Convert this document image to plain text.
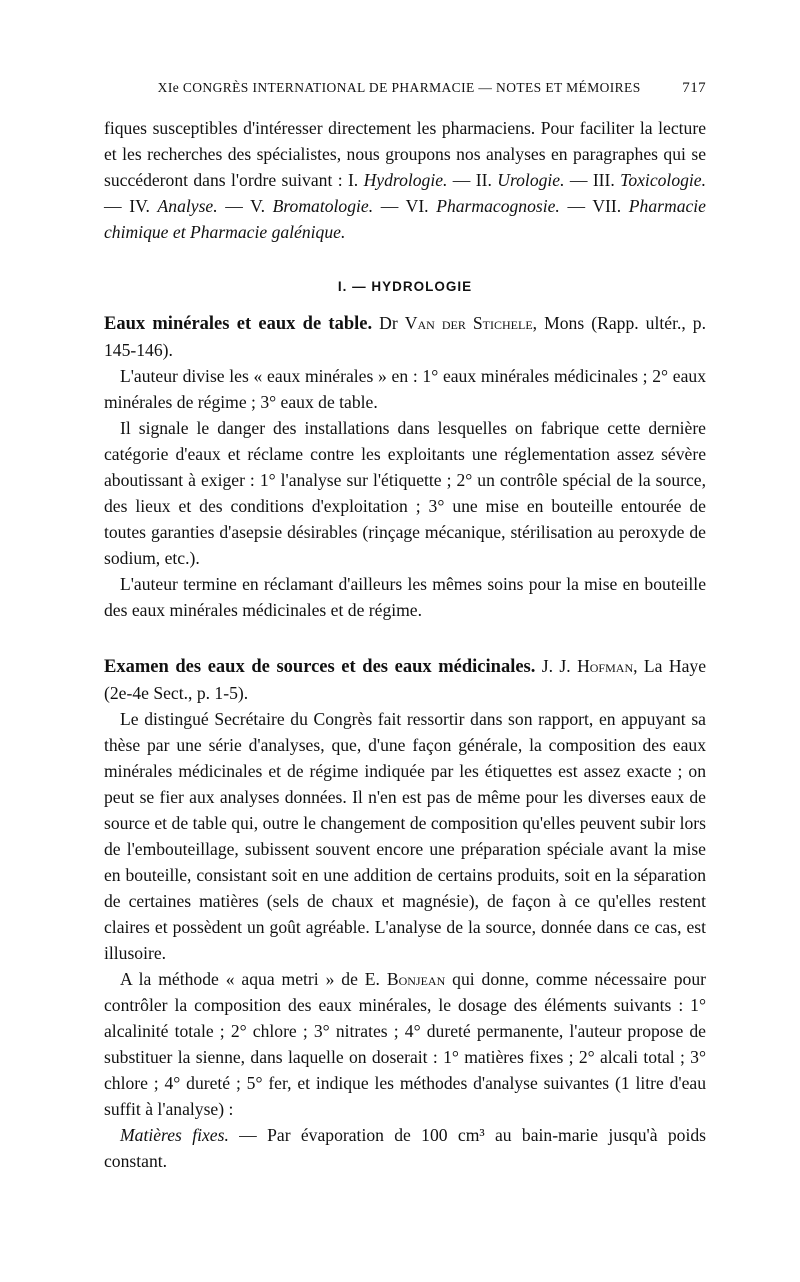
XIe CONGRÈS INTERNATIONAL DE PHARMACIE — NOTES ET MÉMOIRES	717

fiques susceptibles d'intéresser directement les pharmaciens. Pour faciliter la lecture et les recherches des spécialistes, nous groupons nos analyses en paragraphes qui se succéderont dans l'ordre suivant : I. Hydrologie. — II. Urologie. — III. Toxicologie. — IV. Analyse. — V. Bromatologie. — VI. Pharmacognosie. — VII. Pharmacie chimique et Pharmacie galénique.

I. — HYDROLOGIE

Eaux minérales et eaux de table. Dr Van der Stichele, Mons (Rapp. ultér., p. 145-146).

L'auteur divise les « eaux minérales » en : 1° eaux minérales médicinales ; 2° eaux minérales de régime ; 3° eaux de table.

Il signale le danger des installations dans lesquelles on fabrique cette dernière catégorie d'eaux et réclame contre les exploitants une réglementation assez sévère aboutissant à exiger : 1° l'analyse sur l'étiquette ; 2° un contrôle spécial de la source, des lieux et des conditions d'exploitation ; 3° une mise en bouteille entourée de toutes garanties d'asepsie désirables (rinçage mécanique, stérilisation au peroxyde de sodium, etc.).

L'auteur termine en réclamant d'ailleurs les mêmes soins pour la mise en bouteille des eaux minérales médicinales et de régime.

Examen des eaux de sources et des eaux médicinales. J. J. Hofman, La Haye (2e-4e Sect., p. 1-5).

Le distingué Secrétaire du Congrès fait ressortir dans son rapport, en appuyant sa thèse par une série d'analyses, que, d'une façon générale, la composition des eaux minérales médicinales et de régime indiquée par les étiquettes est assez exacte ; on peut se fier aux analyses données. Il n'en est pas de même pour les diverses eaux de source et de table qui, outre le changement de composition qu'elles peuvent subir lors de l'embouteillage, subissent souvent encore une préparation spéciale avant la mise en bouteille, consistant soit en une addition de certains produits, soit en la séparation de certaines matières (sels de chaux et magnésie), de façon à ce qu'elles restent claires et possèdent un goût agréable. L'analyse de la source, donnée dans ce cas, est illusoire.

A la méthode « aqua metri » de E. Bonjean qui donne, comme nécessaire pour contrôler la composition des eaux minérales, le dosage des éléments suivants : 1° alcalinité totale ; 2° chlore ; 3° nitrates ; 4° dureté permanente, l'auteur propose de substituer la sienne, dans laquelle on doserait : 1° matières fixes ; 2° alcali total ; 3° chlore ; 4° dureté ; 5° fer, et indique les méthodes d'analyse suivantes (1 litre d'eau suffit à l'analyse) :

Matières fixes. — Par évaporation de 100 cm³ au bain-marie jusqu'à poids constant.
